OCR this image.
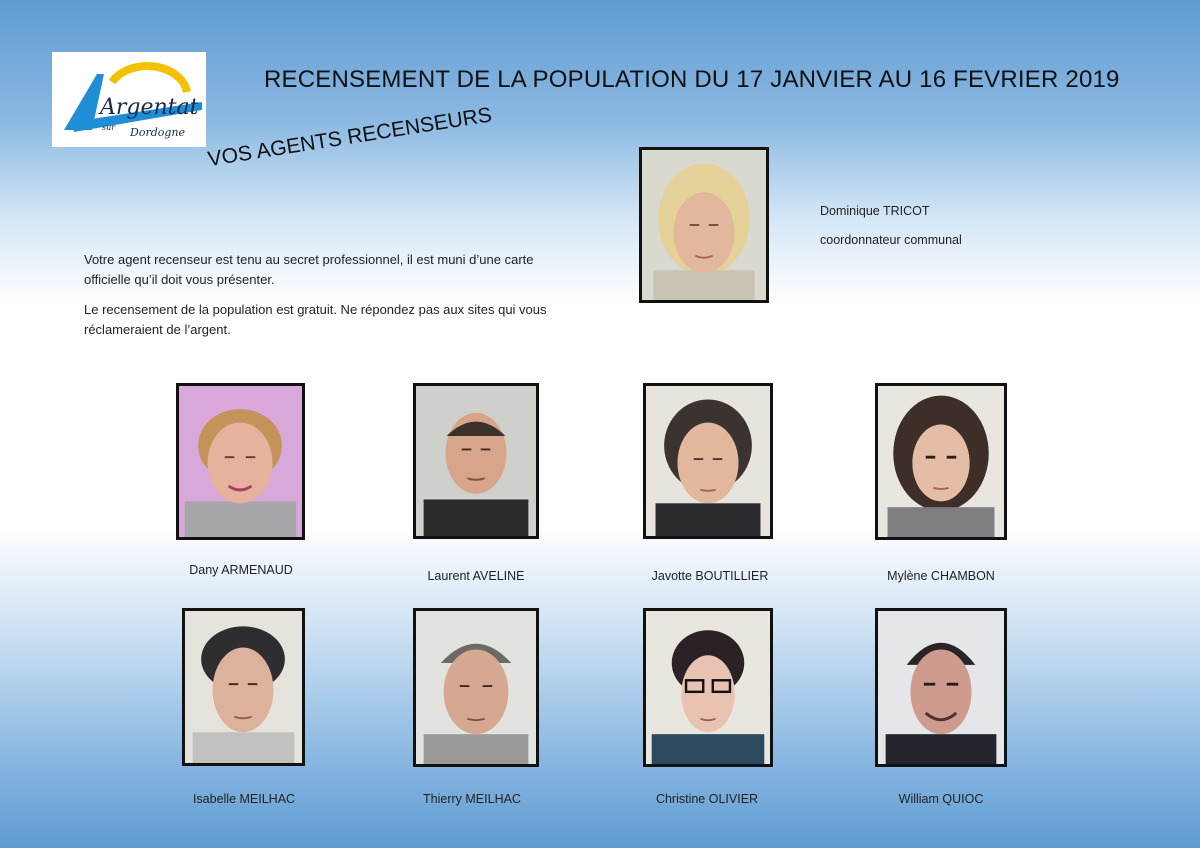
Argentat
sur Dordogne
RECENSEMENT DE LA POPULATION DU 17 JANVIER AU 16 FEVRIER 2019
VOS AGENTS RECENSEURS

Votre agent recenseur est tenu au secret professionnel, il est muni d’une carte officielle qu’il doit vous présenter.

Le recensement de la population est gratuit. Ne répondez pas aux sites qui vous réclameraient de l’argent.

Dominique TRICOT
coordonnateur communal
Dany ARMENAUD	Laurent AVELINE	Javotte BOUTILLIER	Mylène CHAMBON
Isabelle MEILHAC	Thierry MEILHAC	Christine OLIVIER	William QUIOC
